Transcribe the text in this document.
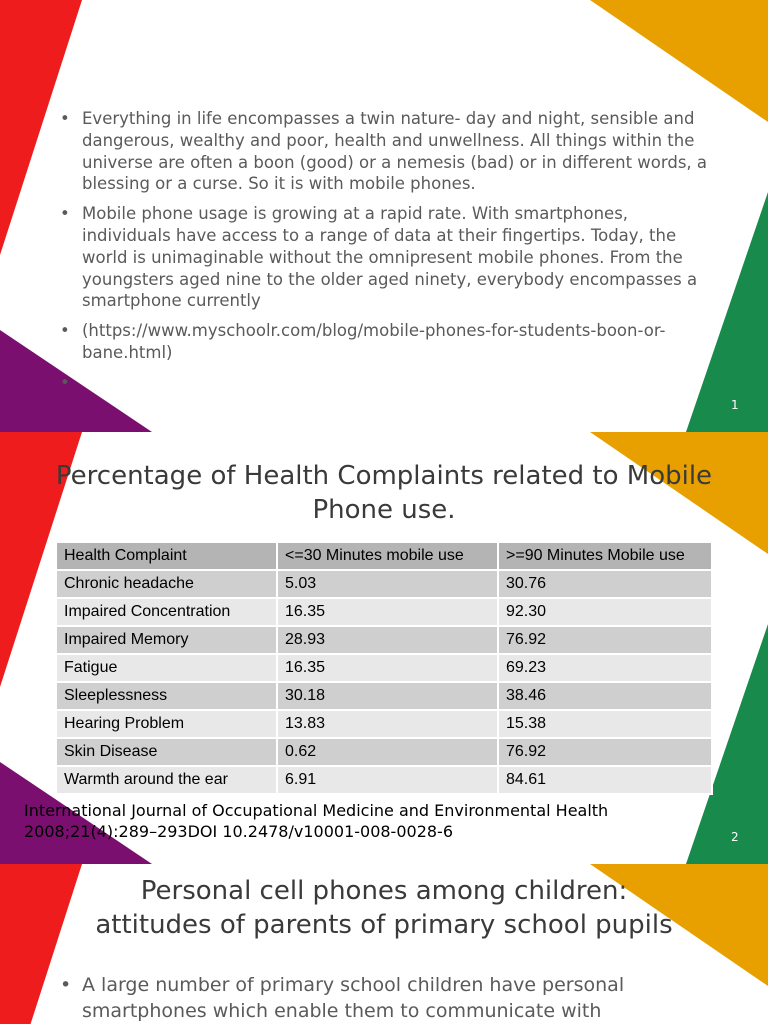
• Everything in life encompasses a twin nature- day and night, sensible and dangerous, wealthy and poor, health and unwellness. All things within the universe are often a boon (good) or a nemesis (bad) or in different words, a blessing or a curse. So it is with mobile phones.
• Mobile phone usage is growing at a rapid rate. With smartphones, individuals have access to a range of data at their fingertips. Today, the world is unimaginable without the omnipresent mobile phones. From the youngsters aged nine to the older aged ninety, everybody encompasses a smartphone currently
• (https://www.myschoolr.com/blog/mobile-phones-for-students-boon-or-bane.html)
1
Percentage of Health Complaints related to Mobile Phone use.
Health Complaint	<=30 Minutes mobile use	>=90 Minutes Mobile use
Chronic headache	5.03	30.76
Impaired Concentration	16.35	92.30
Impaired Memory	28.93	76.92
Fatigue	16.35	69.23
Sleeplessness	30.18	38.46
Hearing Problem	13.83	15.38
Skin Disease	0.62	76.92
Warmth around the ear	6.91	84.61
International Journal of Occupational Medicine and Environmental Health
2008;21(4):289–293DOI 10.2478/v10001-008-0028-6	2
Personal cell phones among children:
attitudes of parents of primary school pupils
• A large number of primary school children have personal smartphones which enable them to communicate with
